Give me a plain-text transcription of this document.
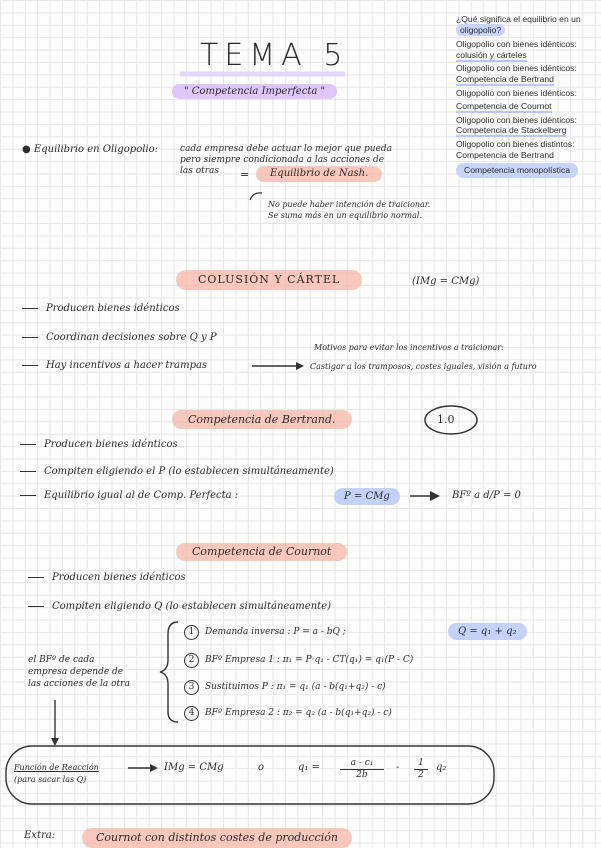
¿Qué significa el equilibrio en un
oligopolio?
Oligopolio con bienes idénticos:
colusión y cárteles
Oligopolio con bienes idénticos:
Competencia de Bertrand
Oligopolio con bienes idénticos:
Competencia de Cournot
Oligopolio con bienes idénticos:
Competencia de Stackelberg
Oligopolio con bienes distintos:
Competencia de Bertrand
Competencia monopolística
TEMA 5
" Competencia Imperfecta "
● Equilibrio en Oligopolio: cada empresa debe actuar lo mejor que pueda
pero siempre condicionada a las acciones de
las otras	=	Equilibrio de Nash.
No puede haber intención de traicionar.
Se suma más en un equilibrio normal.
COLUSIÓN Y CÁRTEL	(IMg = CMg)
Producen bienes idénticos
Coordinan decisiones sobre Q y P
Hay incentivos a hacer trampas
Motivos para evitar los incentivos a traicionar:
Castigar a los tramposos, costes iguales, visión a futuro
Competencia de Bertrand.	1.0
Producen bienes idénticos
Compiten eligiendo el P (lo establecen simultáneamente)
Equilibrio igual al de Comp. Perfecta :	P = CMg	BFº a d/P = 0
Competencia de Cournot
Producen bienes idénticos
Compiten eligiendo Q (lo establecen simultáneamente)
el BFº de cada
empresa depende de
las acciones de la otra
1 Demanda inversa : P = a - bQ ;	Q = q₁ + q₂
2 BFº Empresa 1 : π₁ = P·q₁ - CT(q₁) = q₁(P - C)
3 Sustituimos P : π₁ = q₁ (a - b(q₁+q₂) - c)
4 BFº Empresa 2 : π₂ = q₂ (a - b(q₁+q₂) - c)
Función de Reacción
(para sacar las Q)
IMg = CMg	o	q₁ =	a - c₁
2b
-	1
2
q₂
Extra:	Cournot con distintos costes de producción
